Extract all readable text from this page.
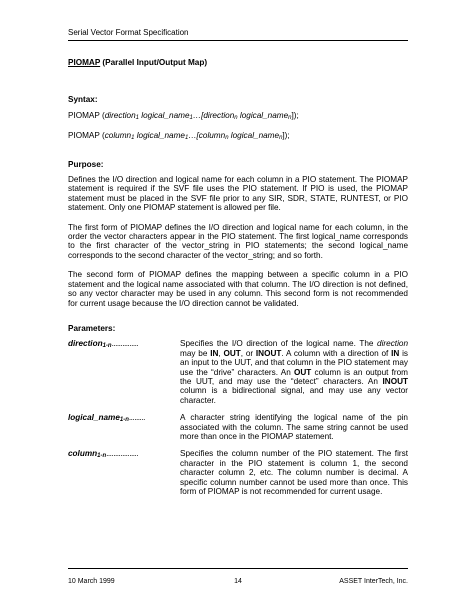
Serial Vector Format Specification
PIOMAP (Parallel Input/Output Map)
Syntax:
PIOMAP (direction1 logical_name1…[directionn logical_namen]);
PIOMAP (column1 logical_name1…[columnn logical_namen]);
Purpose:

Defines the I/O direction and logical name for each column in a PIO statement. The PIOMAP statement is required if the SVF file uses the PIO statement. If PIO is used, the PIOMAP statement must be placed in the SVF file prior to any SIR, SDR, STATE, RUNTEST, or PIO statement. Only one PIOMAP statement is allowed per file.

The first form of PIOMAP defines the I/O direction and logical name for each column, in the order the vector characters appear in the PIO statement. The first logical_name corresponds to the first character of the vector_string in PIO statements; the second logical_name corresponds to the second character of the vector_string; and so forth.

The second form of PIOMAP defines the mapping between a specific column in a PIO statement and the logical name associated with that column. The I/O direction is not defined, so any vector character may be used in any column. This second form is not recommended for current usage because the I/O direction cannot be validated.

Parameters:
direction1-n...............	Specifies the I/O direction of the logical name. The direction may be IN, OUT, or INOUT. A column with a direction of IN is an input to the UUT, and that column in the PIO statement may use the “drive” characters. An OUT column is an output from the UUT, and may use the “detect” characters. An INOUT column is a bidirectional signal, and may use any vector character.
logical_name1-n.........	A character string identifying the logical name of the pin associated with the column. The same string cannot be used more than once in the PIOMAP statement.
column1-n..................	Specifies the column number of the PIO statement. The first character in the PIO statement is column 1, the second character column 2, etc. The column number is decimal. A specific column number cannot be used more than once. This form of PIOMAP is not recommended for current usage.
10 March 1999	14	ASSET InterTech, Inc.
